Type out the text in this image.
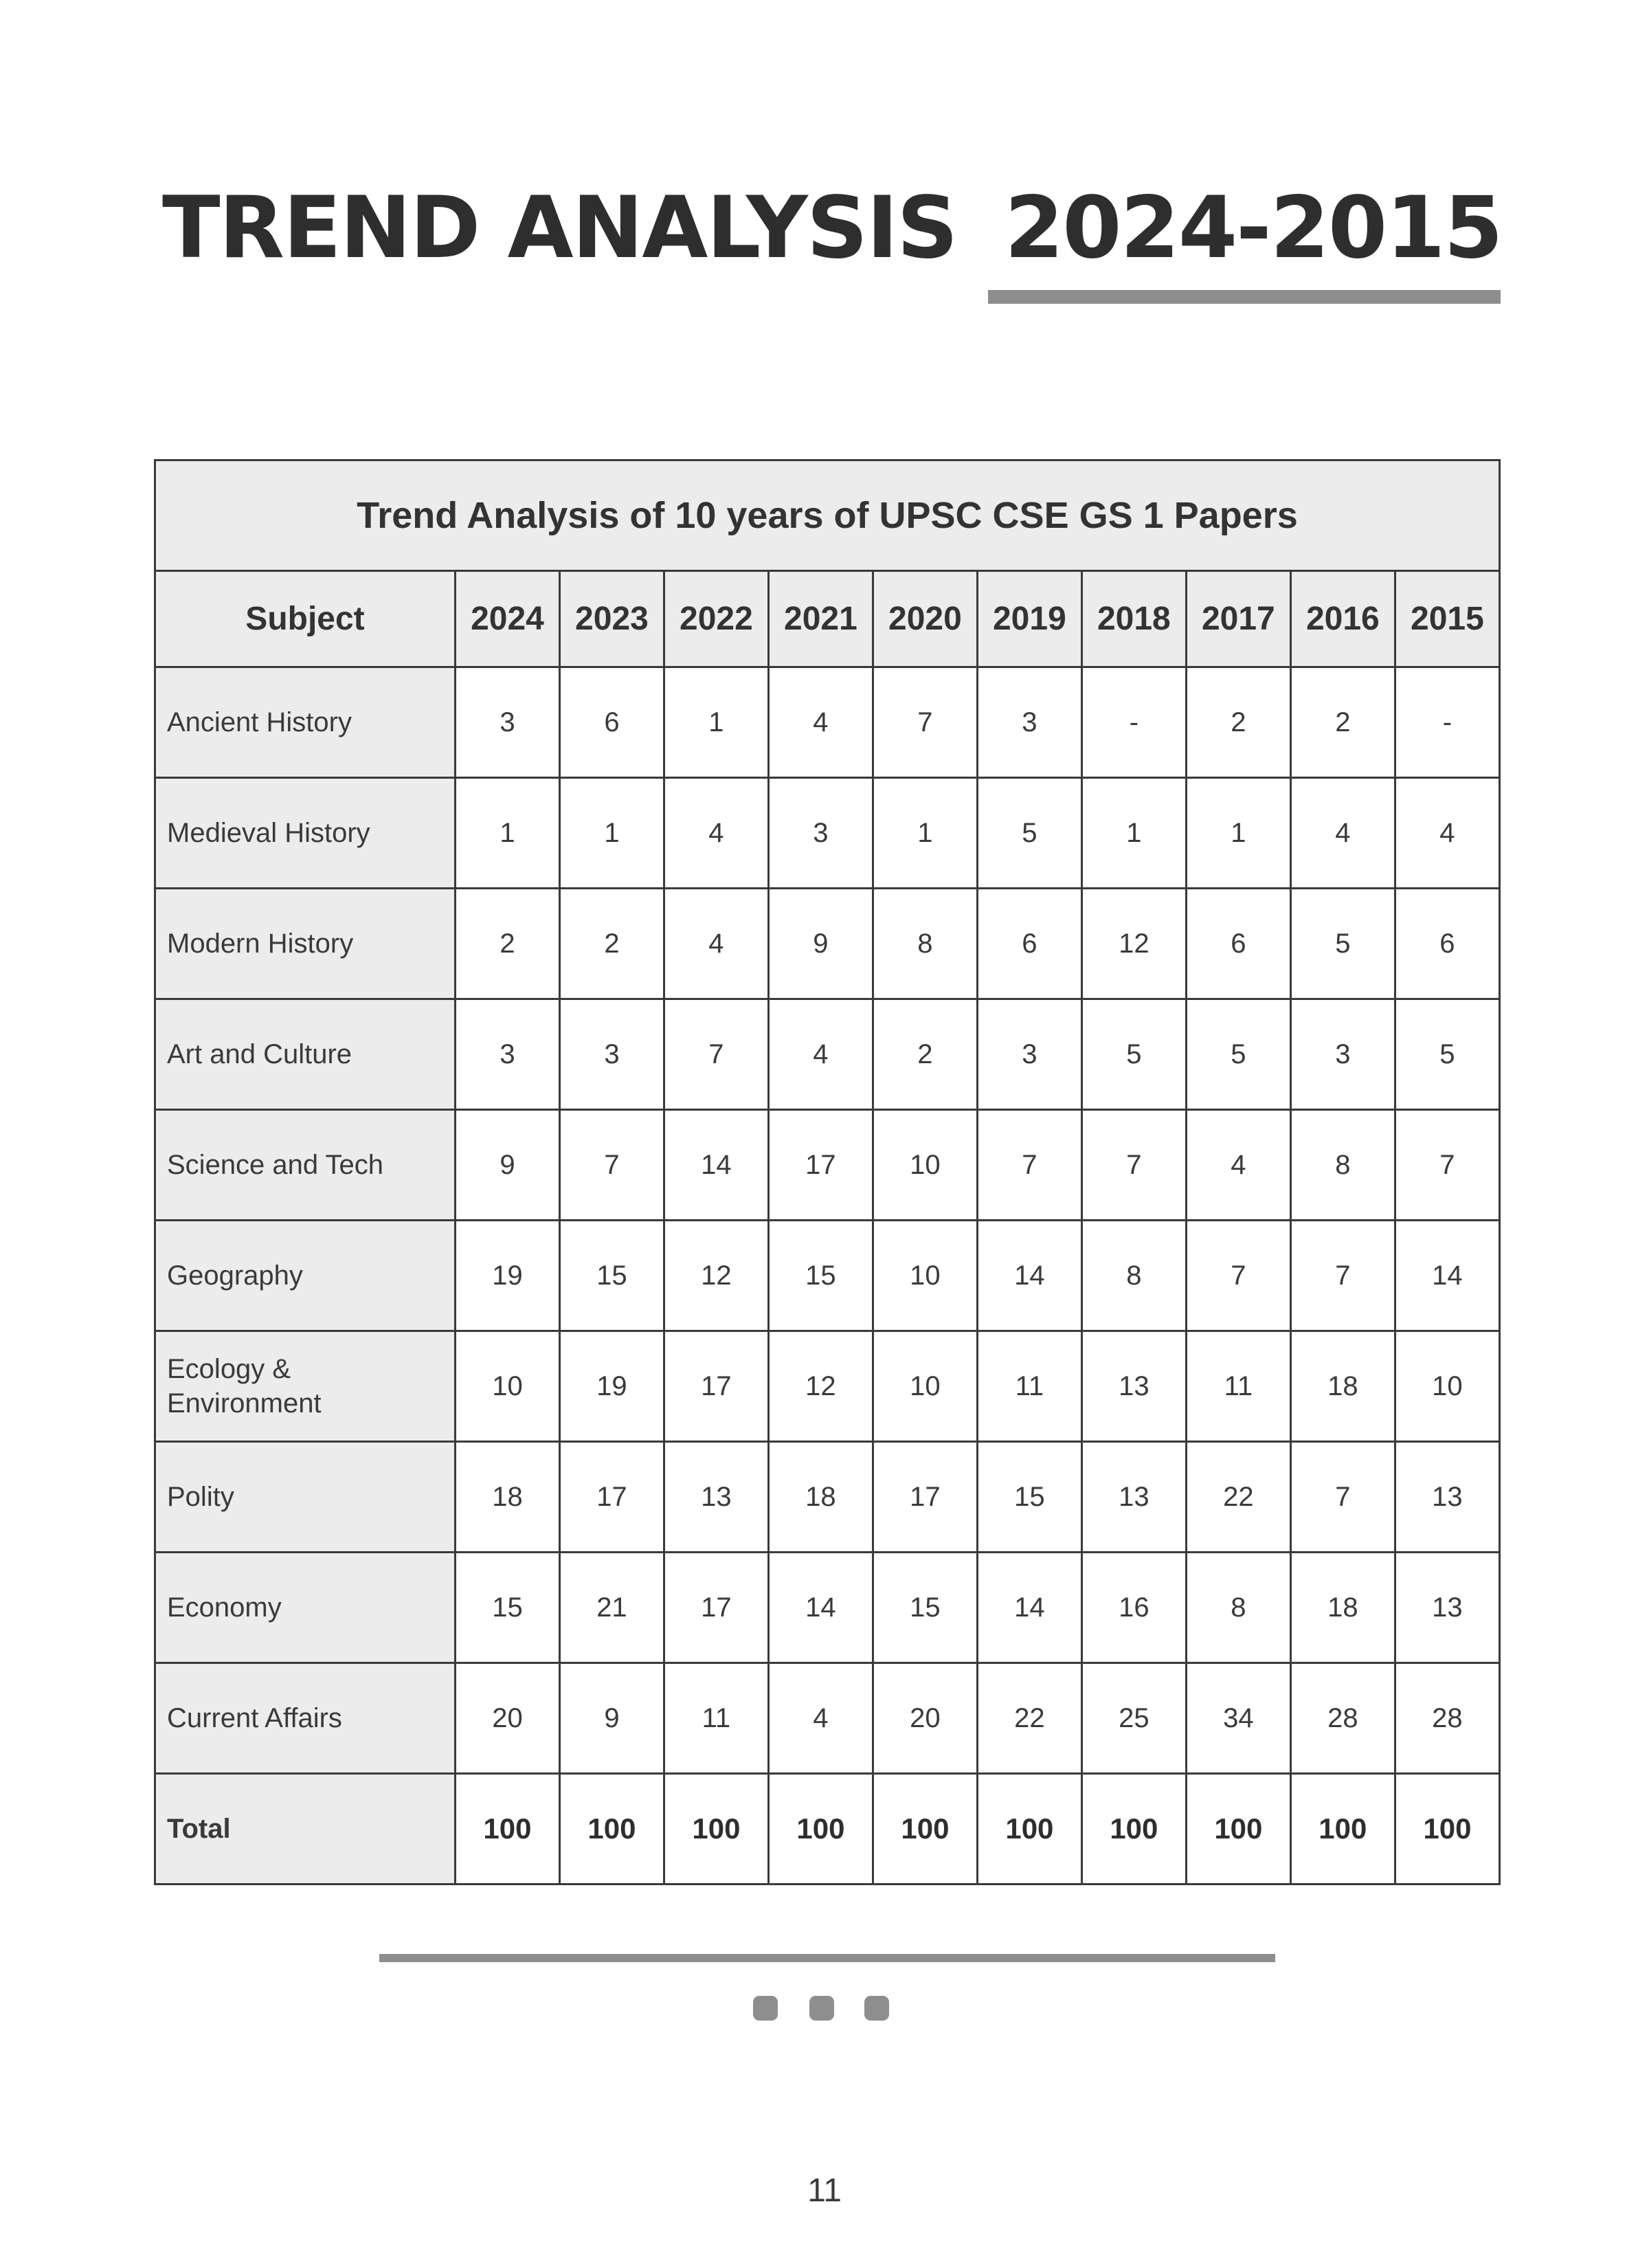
TREND ANALYSIS 2024-2015
Trend Analysis of 10 years of UPSC CSE GS 1 Papers										
Subject	2024	2023	2022	2021	2020	2019	2018	2017	2016	2015
Ancient History	3	6	1	4	7	3	-	2	2	-
Medieval History	1	1	4	3	1	5	1	1	4	4
Modern History	2	2	4	9	8	6	12	6	5	6
Art and Culture	3	3	7	4	2	3	5	5	3	5
Science and Tech	9	7	14	17	10	7	7	4	8	7
Geography	19	15	12	15	10	14	8	7	7	14
Ecology & Environment	10	19	17	12	10	11	13	11	18	10
Polity	18	17	13	18	17	15	13	22	7	13
Economy	15	21	17	14	15	14	16	8	18	13
Current Affairs	20	9	11	4	20	22	25	34	28	28
Total	100	100	100	100	100	100	100	100	100	100
11
